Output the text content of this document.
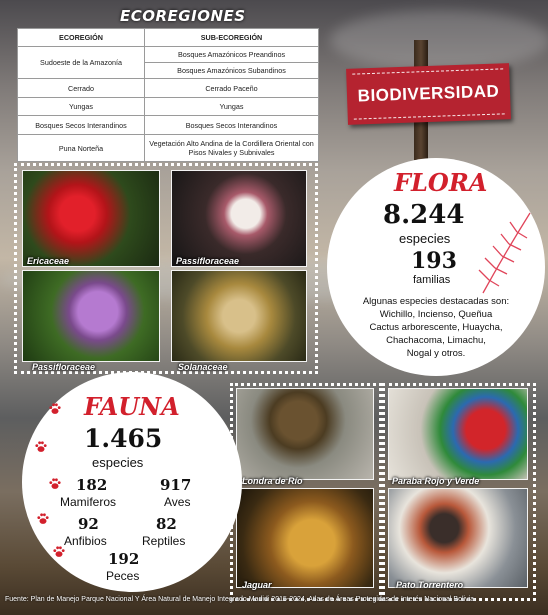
ECOREGIONES
ECOREGIÓN	SUB-ECOREGIÓN
Sudoeste de la Amazonía	Bosques Amazónicos Preandinos
	Bosques Amazónicos Subandinos
Cerrado	Cerrado Paceño
Yungas	Yungas
Bosques Secos Interandinos	Bosques Secos Interandinos
Puna Norteña	Vegetación Alto Andina de la Cordillera Oriental con Pisos Nivales y Subnivales
BIODIVERSIDAD
Ericaceae	Passifloraceae
Passifloraceae	Solanaceae
Londra de Río
Jaguar
Paraba Rojo y Verde
Pato Torrentero
FLORA
8.244
especies
193
familias
Algunas especies destacadas son:
Wichillo, Incienso, Queñua
Cactus arborescente, Huaycha,
Chachacoma, Limachu,
Nogal y otros.
FAUNA
1.465
especies
182
Mamiferos
917
Aves
92
Anfibios
82
Reptiles
192
Peces
Fuente: Plan de Manejo Parque Nacional Y Área Natural de Manejo Integrado Madidi 2015-2024, Atlas de Áreas Protegidas de Interés Nacional Bolivia
